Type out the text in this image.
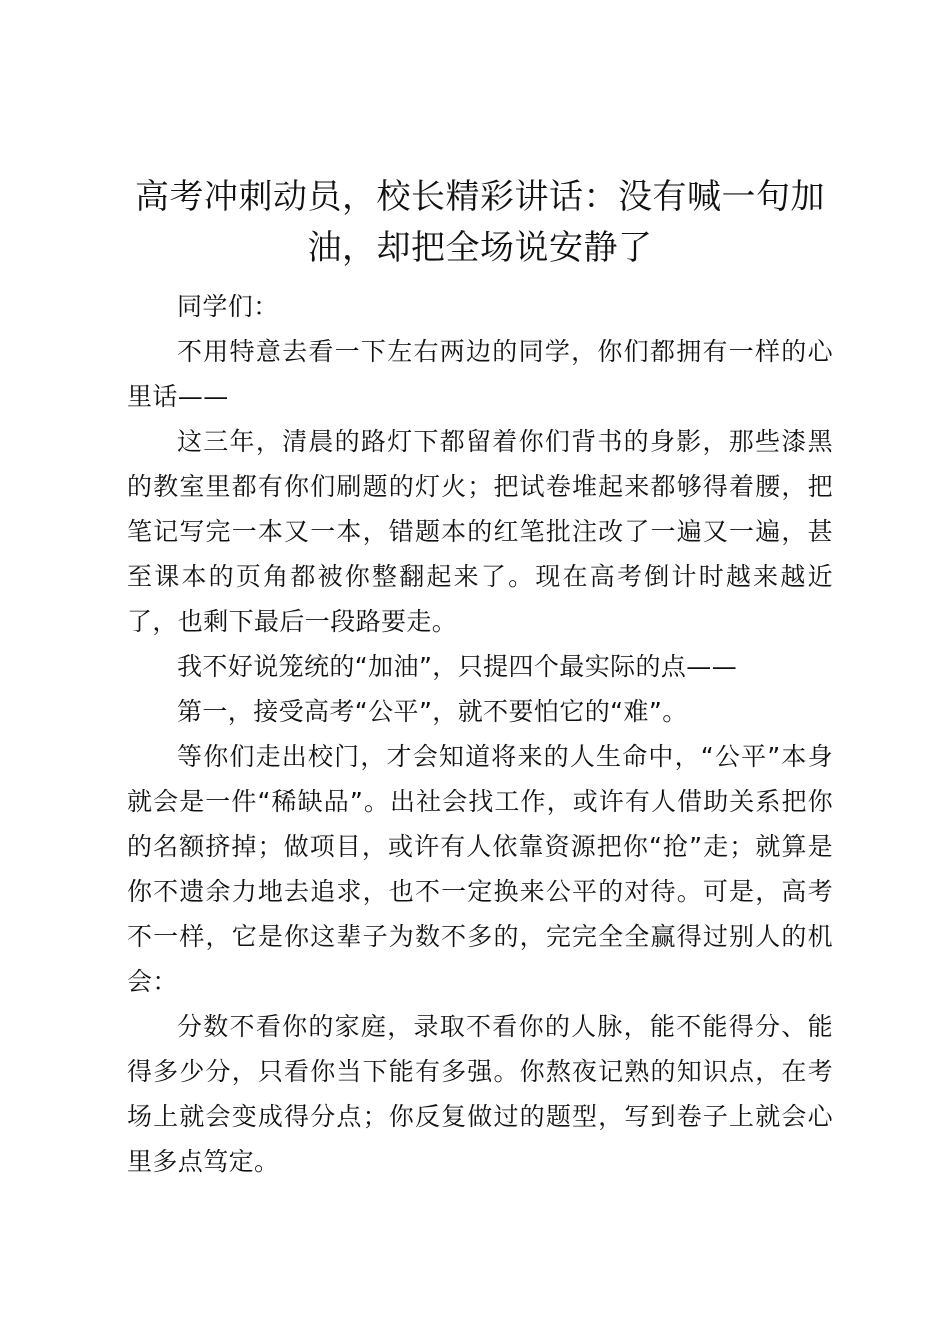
高考冲刺动员，校长精彩讲话：没有喊一句加油，却把全场说安静了

同学们：

不用特意去看一下左右两边的同学，你们都拥有一样的心里话——

这三年，清晨的路灯下都留着你们背书的身影，那些漆黑的教室里都有你们刷题的灯火；把试卷堆起来都够得着腰，把笔记写完一本又一本，错题本的红笔批注改了一遍又一遍，甚至课本的页角都被你整翻起来了。现在高考倒计时越来越近了，也剩下最后一段路要走。

我不好说笼统的“加油”，只提四个最实际的点——

第一，接受高考“公平”，就不要怕它的“难”。

等你们走出校门，才会知道将来的人生命中，“公平”本身就会是一件“稀缺品”。出社会找工作，或许有人借助关系把你的名额挤掉；做项目，或许有人依靠资源把你“抢”走；就算是你不遗余力地去追求，也不一定换来公平的对待。可是，高考不一样，它是你这辈子为数不多的，完完全全赢得过别人的机会：

分数不看你的家庭，录取不看你的人脉，能不能得分、能得多少分，只看你当下能有多强。你熬夜记熟的知识点，在考场上就会变成得分点；你反复做过的题型，写到卷子上就会心里多点笃定。
